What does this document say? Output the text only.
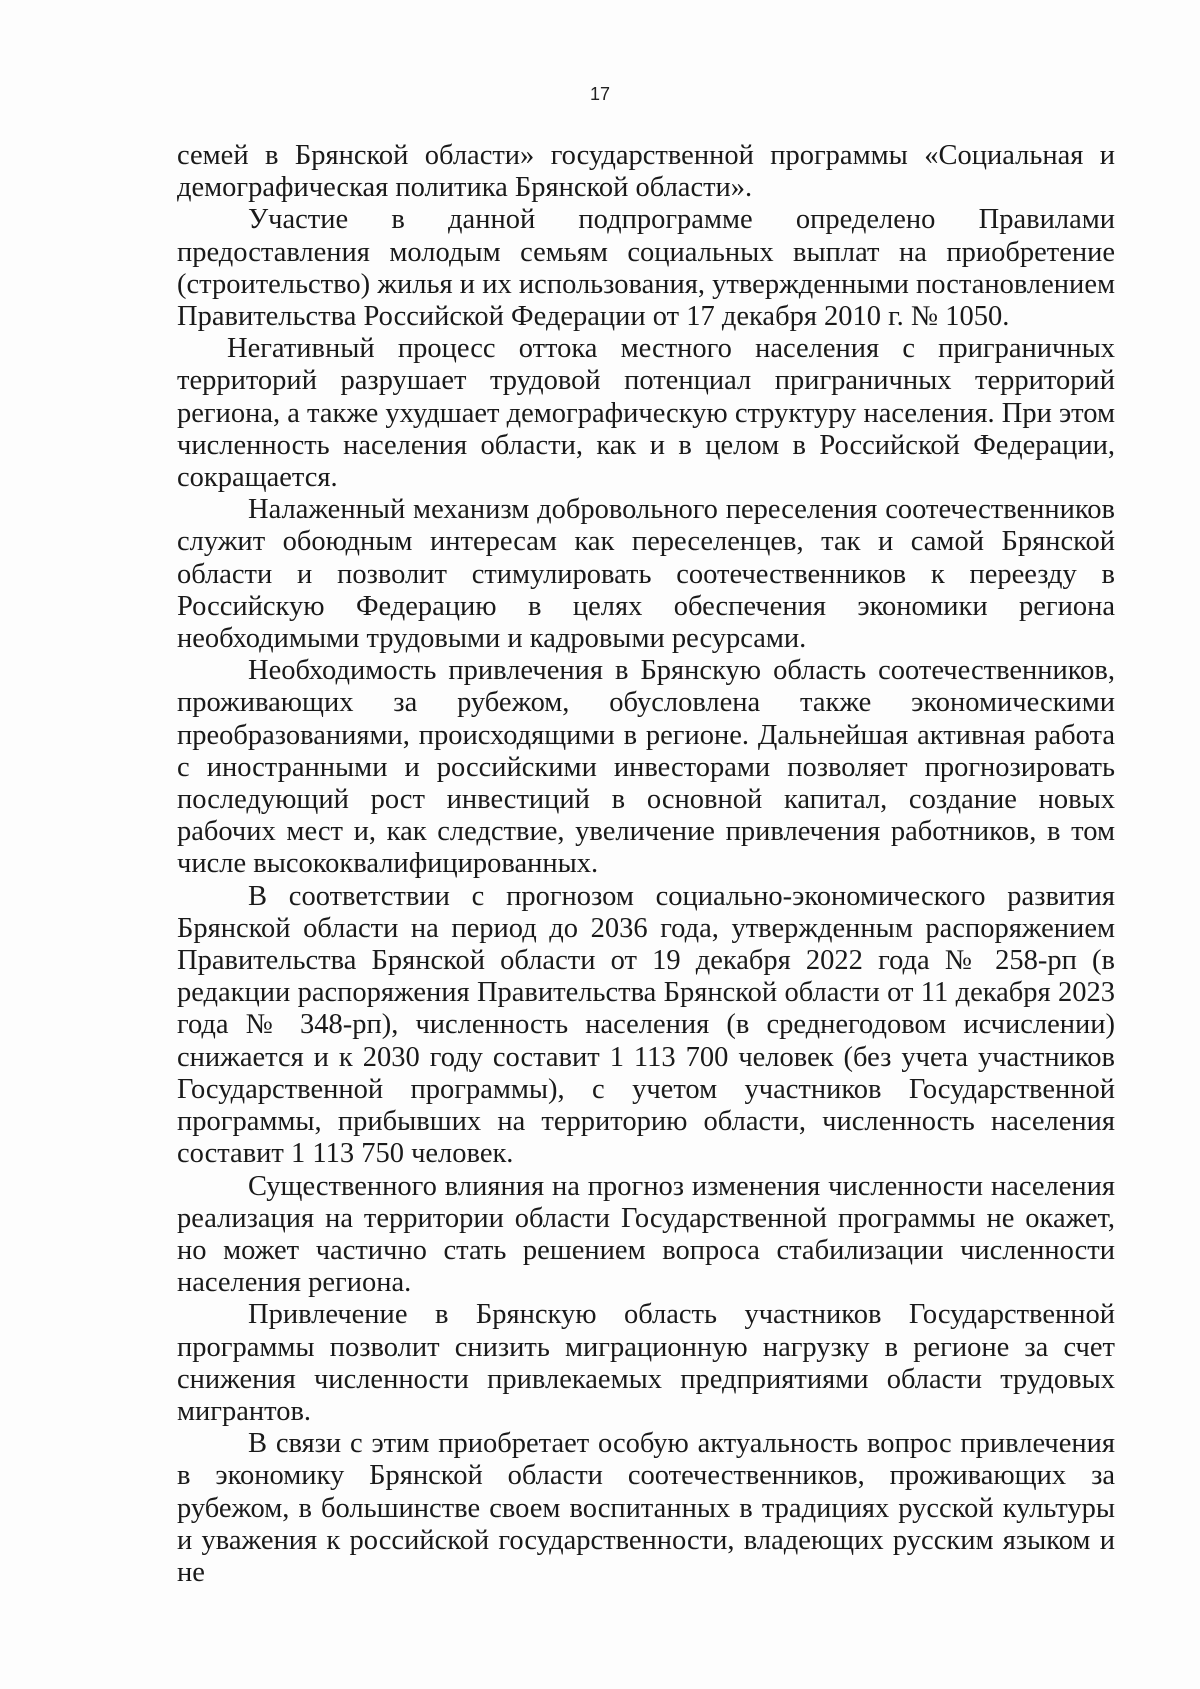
17

семей в Брянской области» государственной программы «Социальная и демографическая политика Брянской области».

Участие в данной подпрограмме определено Правилами предоставления молодым семьям социальных выплат на приобретение (строительство) жилья и их использования, утвержденными постановлением Правительства Российской Федерации от 17 декабря 2010 г. № 1050.

Негативный процесс оттока местного населения с приграничных территорий разрушает трудовой потенциал приграничных территорий региона, а также ухудшает демографическую структуру населения. При этом численность населения области, как и в целом в Российской Федерации, сокращается.

Налаженный механизм добровольного переселения соотечественников служит обоюдным интересам как переселенцев, так и самой Брянской области и позволит стимулировать соотечественников к переезду в Российскую Федерацию в целях обеспечения экономики региона необходимыми трудовыми и кадровыми ресурсами.

Необходимость привлечения в Брянскую область соотечественников, проживающих за рубежом, обусловлена также экономическими преобразованиями, происходящими в регионе. Дальнейшая активная работа с иностранными и российскими инвесторами позволяет прогнозировать последующий рост инвестиций в основной капитал, создание новых рабочих мест и, как следствие, увеличение привлечения работников, в том числе высококвалифицированных.

В соответствии с прогнозом социально-экономического развития Брянской области на период до 2036 года, утвержденным распоряжением Правительства Брянской области от 19 декабря 2022 года № 258-рп (в редакции распоряжения Правительства Брянской области от 11 декабря 2023 года № 348-рп), численность населения (в среднегодовом исчислении) снижается и к 2030 году составит 1 113 700 человек (без учета участников Государственной программы), с учетом участников Государственной программы, прибывших на территорию области, численность населения составит 1 113 750 человек.

Существенного влияния на прогноз изменения численности населения реализация на территории области Государственной программы не окажет, но может частично стать решением вопроса стабилизации численности населения региона.

Привлечение в Брянскую область участников Государственной программы позволит снизить миграционную нагрузку в регионе за счет снижения численности привлекаемых предприятиями области трудовых мигрантов.

В связи с этим приобретает особую актуальность вопрос привлечения в экономику Брянской области соотечественников, проживающих за рубежом, в большинстве своем воспитанных в традициях русской культуры и уважения к российской государственности, владеющих русским языком и не
